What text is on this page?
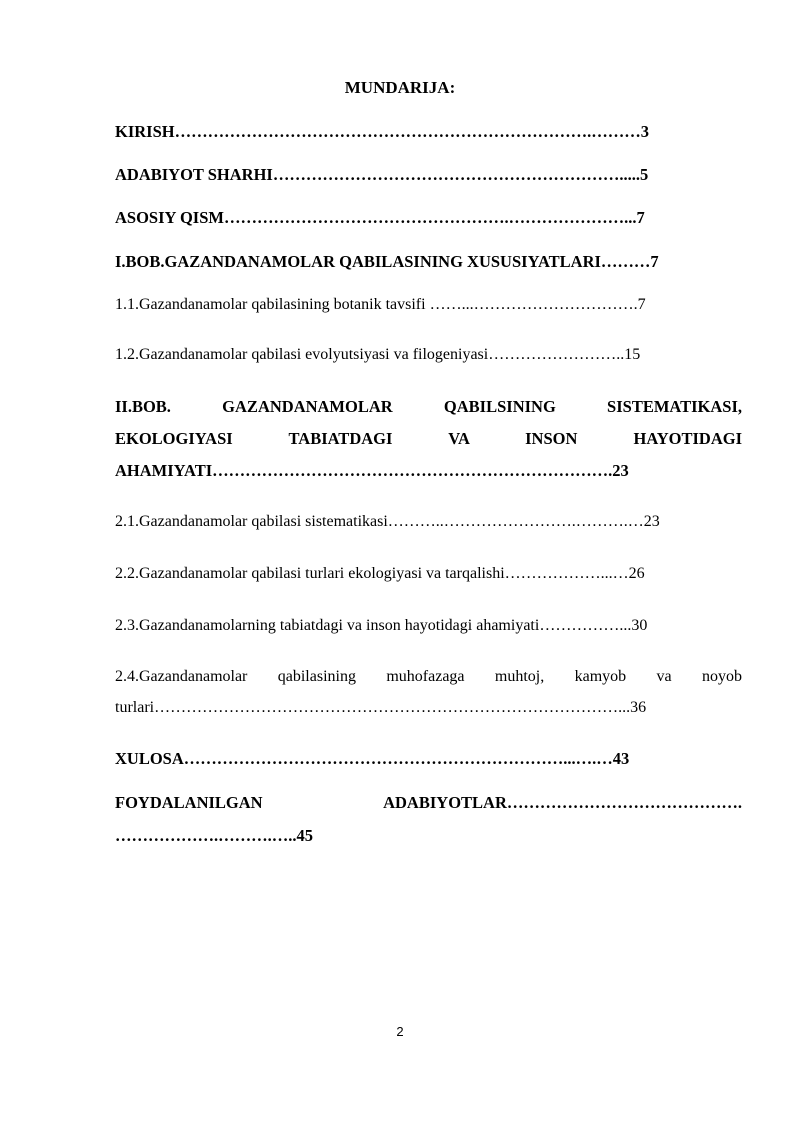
MUNDARIJA:
KIRISH………………………………………………………………….………3
ADABIYOT SHARHI……………………………………………………….....5
ASOSIY QISM…………………………………………….…………………...7
I.BOB.GAZANDANAMOLAR QABILASINING XUSUSIYATLARI………7
1.1.Gazandanamolar qabilasining botanik tavsifi ……...………………………….7
1.2.Gazandanamolar qabilasi evolyutsiyasi va filogeniyasi……………………..15
II.BOB. GAZANDANAMOLAR QABILSINING SISTEMATIKASI,
EKOLOGIYASI TABIATDAGI VA INSON HAYOTIDAGI
AHAMIYATI……………………………………………………………….23
2.1.Gazandanamolar qabilasi sistematikasi………..…………………….……….…23
2.2.Gazandanamolar qabilasi turlari ekologiyasi va tarqalishi………………...…26
2.3.Gazandanamolarning tabiatdagi va inson hayotidagi ahamiyati……………...30
2.4.Gazandanamolar qabilasining muhofazaga muhtoj, kamyob va noyob
turlari……………………………………………………………………………...36
XULOSA……………………………………………………………...….…43
FOYDALANILGAN ADABIYOTLAR…………………………………….
……………….……….…..45
2
